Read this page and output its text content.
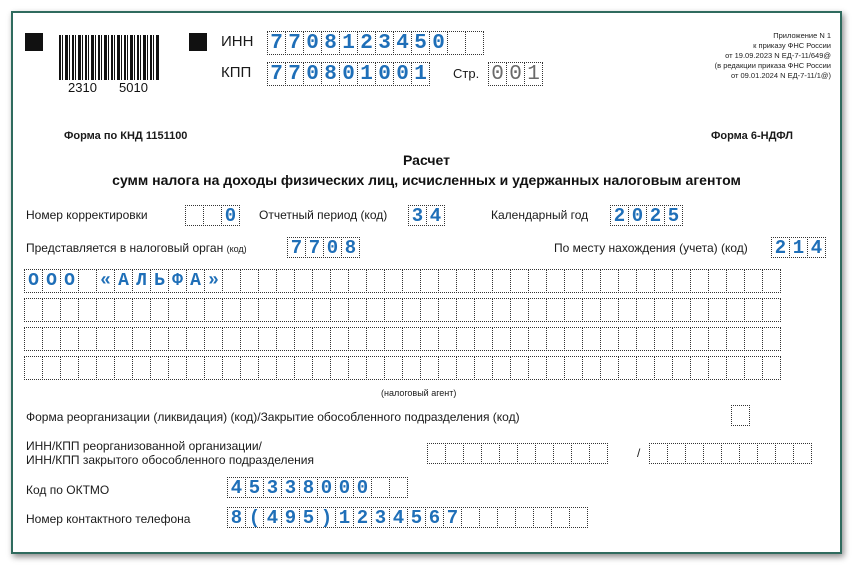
2310 5010
ИНН 7 7 0 8 1 2 3 4 5 0
КПП 7 7 0 8 0 1 0 0 1 Стр. 0 0 1
Приложение N 1
к приказу ФНС России
от 19.09.2023 N ЕД-7-11/649@
(в редакции приказа ФНС России
от 09.01.2024 N ЕД-7-11/1@)
Форма по КНД 1151100	Форма 6-НДФЛ
Расчет
сумм налога на доходы физических лиц, исчисленных и удержанных налоговым агентом
Номер корректировки	0	Отчетный период (код) 3 4	Календарный год 2 0 2 5
Представляется в налоговый орган (код) 7 7 0 8	По месту нахождения (учета) (код) 2 1 4
О О О « А Л Ь Ф А »
(налоговый агент)
Форма реорганизации (ликвидация) (код)/Закрытие обособленного подразделения (код)
ИНН/КПП реорганизованной организации/
ИНН/КПП закрытого обособленного подразделения	/
Код по ОКТМО	4 5 3 3 8 0 0 0
Номер контактного телефона 8 ( 4 9 5 ) 1 2 3 4 5 6 7
